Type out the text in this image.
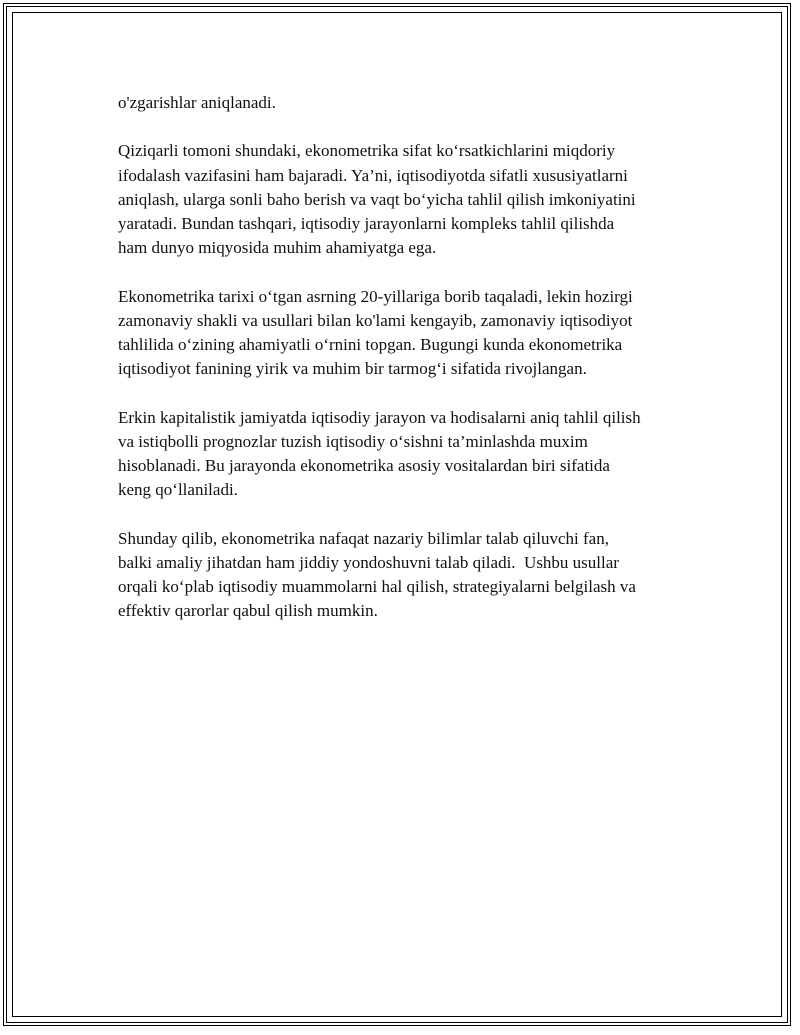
o'zgarishlar aniqlanadi.
Qiziqarli tomoni shundaki, ekonometrika sifat ko‘rsatkichlarini miqdoriy
ifodalash vazifasini ham bajaradi. Ya’ni, iqtisodiyotda sifatli xususiyatlarni
aniqlash, ularga sonli baho berish va vaqt bo‘yicha tahlil qilish imkoniyatini
yaratadi. Bundan tashqari, iqtisodiy jarayonlarni kompleks tahlil qilishda
ham dunyo miqyosida muhim ahamiyatga ega.
Ekonometrika tarixi o‘tgan asrning 20-yillariga borib taqaladi, lekin hozirgi
zamonaviy shakli va usullari bilan ko'lami kengayib, zamonaviy iqtisodiyot
tahlilida o‘zining ahamiyatli o‘rnini topgan. Bugungi kunda ekonometrika
iqtisodiyot fanining yirik va muhim bir tarmog‘i sifatida rivojlangan.
Erkin kapitalistik jamiyatda iqtisodiy jarayon va hodisalarni aniq tahlil qilish
va istiqbolli prognozlar tuzish iqtisodiy o‘sishni ta’minlashda muxim
hisoblanadi. Bu jarayonda ekonometrika asosiy vositalardan biri sifatida
keng qo‘llaniladi.
Shunday qilib, ekonometrika nafaqat nazariy bilimlar talab qiluvchi fan,
balki amaliy jihatdan ham jiddiy yondoshuvni talab qiladi.  Ushbu usullar
orqali ko‘plab iqtisodiy muammolarni hal qilish, strategiyalarni belgilash va
effektiv qarorlar qabul qilish mumkin.
